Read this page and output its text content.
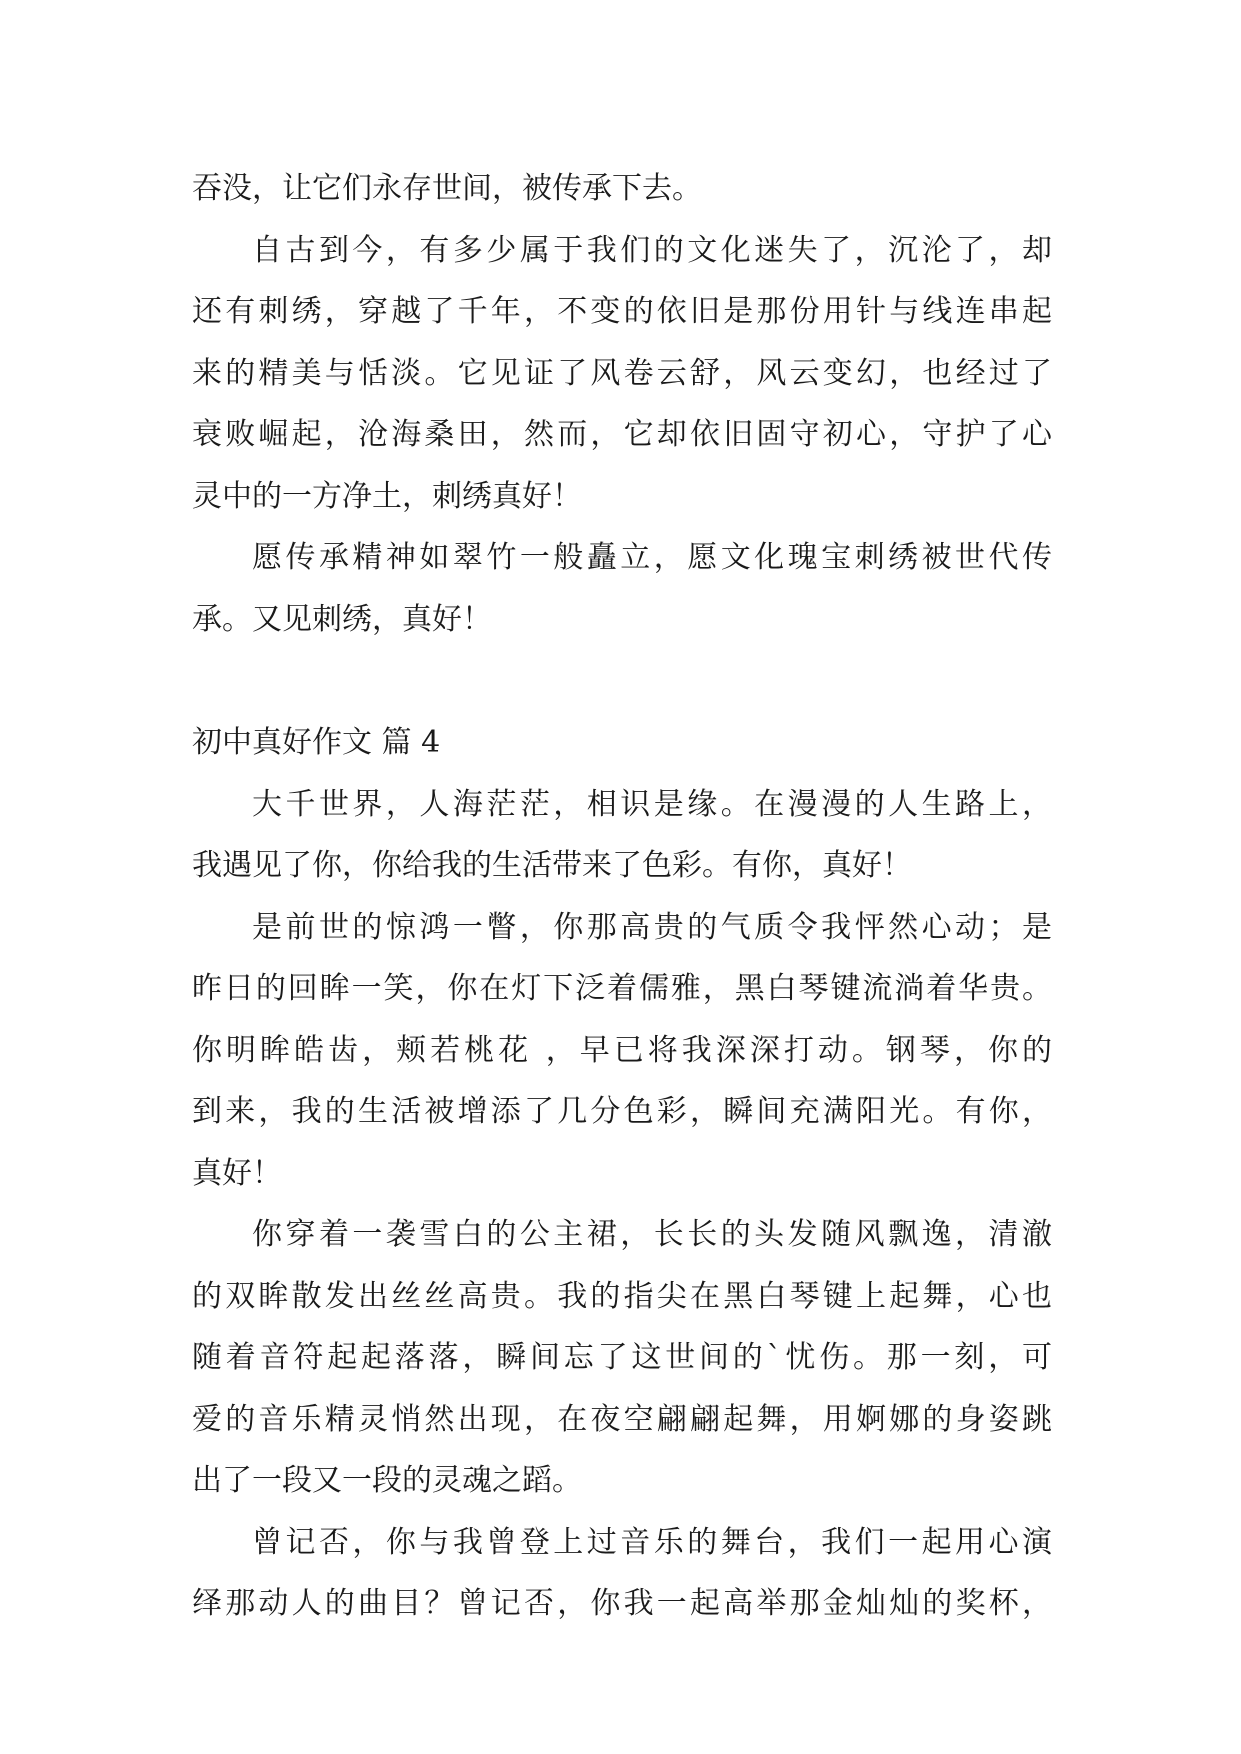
吞没，让它们永存世间，被传承下去。
自古到今，有多少属于我们的文化迷失了，沉沦了，却
还有刺绣，穿越了千年，不变的依旧是那份用针与线连串起
来的精美与恬淡。它见证了风卷云舒，风云变幻，也经过了
衰败崛起，沧海桑田，然而，它却依旧固守初心，守护了心
灵中的一方净土，刺绣真好！
愿传承精神如翠竹一般矗立，愿文化瑰宝刺绣被世代传
承。又见刺绣，真好！
初中真好作文 篇 4
大千世界，人海茫茫，相识是缘。在漫漫的人生路上，
我遇见了你，你给我的生活带来了色彩。有你，真好！
是前世的惊鸿一瞥，你那高贵的气质令我怦然心动；是
昨日的回眸一笑，你在灯下泛着儒雅，黑白琴键流淌着华贵。
你明眸皓齿，颊若桃花 ，早已将我深深打动。钢琴，你的
到来，我的生活被增添了几分色彩，瞬间充满阳光。有你，
真好！
你穿着一袭雪白的公主裙，长长的头发随风飘逸，清澈
的双眸散发出丝丝高贵。我的指尖在黑白琴键上起舞，心也
随着音符起起落落，瞬间忘了这世间的`忧伤。那一刻，可
爱的音乐精灵悄然出现，在夜空翩翩起舞，用婀娜的身姿跳
出了一段又一段的灵魂之蹈。
曾记否，你与我曾登上过音乐的舞台，我们一起用心演
绎那动人的曲目？曾记否，你我一起高举那金灿灿的奖杯，
